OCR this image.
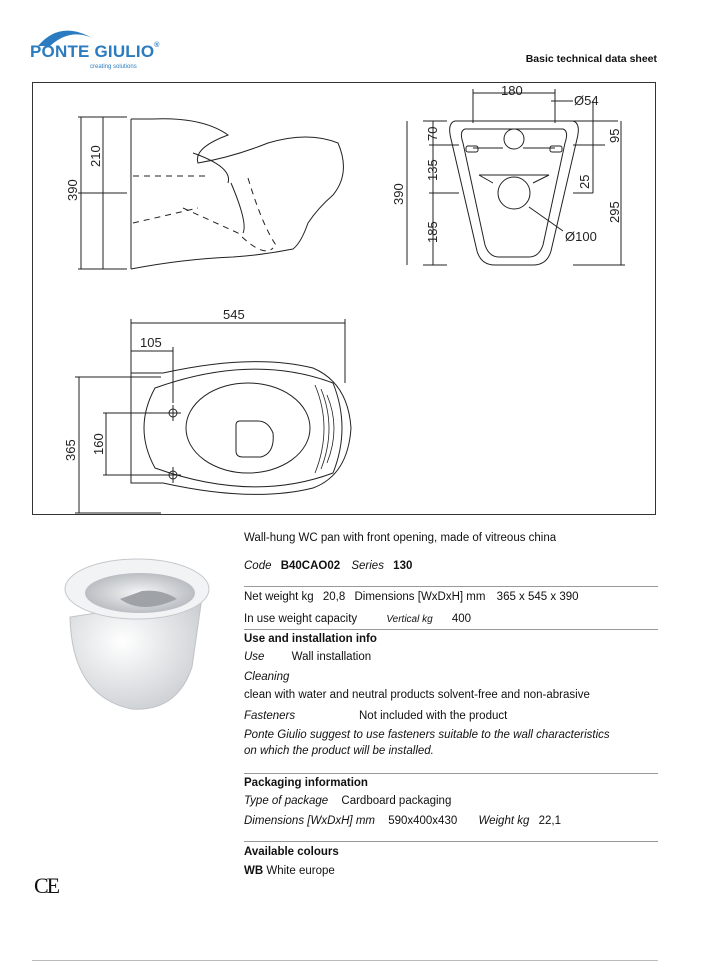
PONTE GIULIO®
creating solutions
Basic technical data sheet
390
210
180
Ø54
70
135
185
390
95
25
295
Ø100
545
105
365 160
Wall-hung WC pan with front opening, made of vitreous china
Code B40CAO02 Series 130
Net weight kg 20,8 Dimensions [WxDxH] mm 365 x 545 x 390
In use weight capacity	Vertical kg 400
Use and installation info
Use Wall installation
Cleaning
clean with water and neutral products solvent-free and non-abrasive
Fasteners	Not included with the product
Ponte Giulio suggest to use fasteners suitable to the wall characteristics
on which the product will be installed.
Packaging information
Type of package Cardboard packaging
Dimensions [WxDxH] mm 590x400x430 Weight kg 22,1
Available colours
WB White europe
CE
